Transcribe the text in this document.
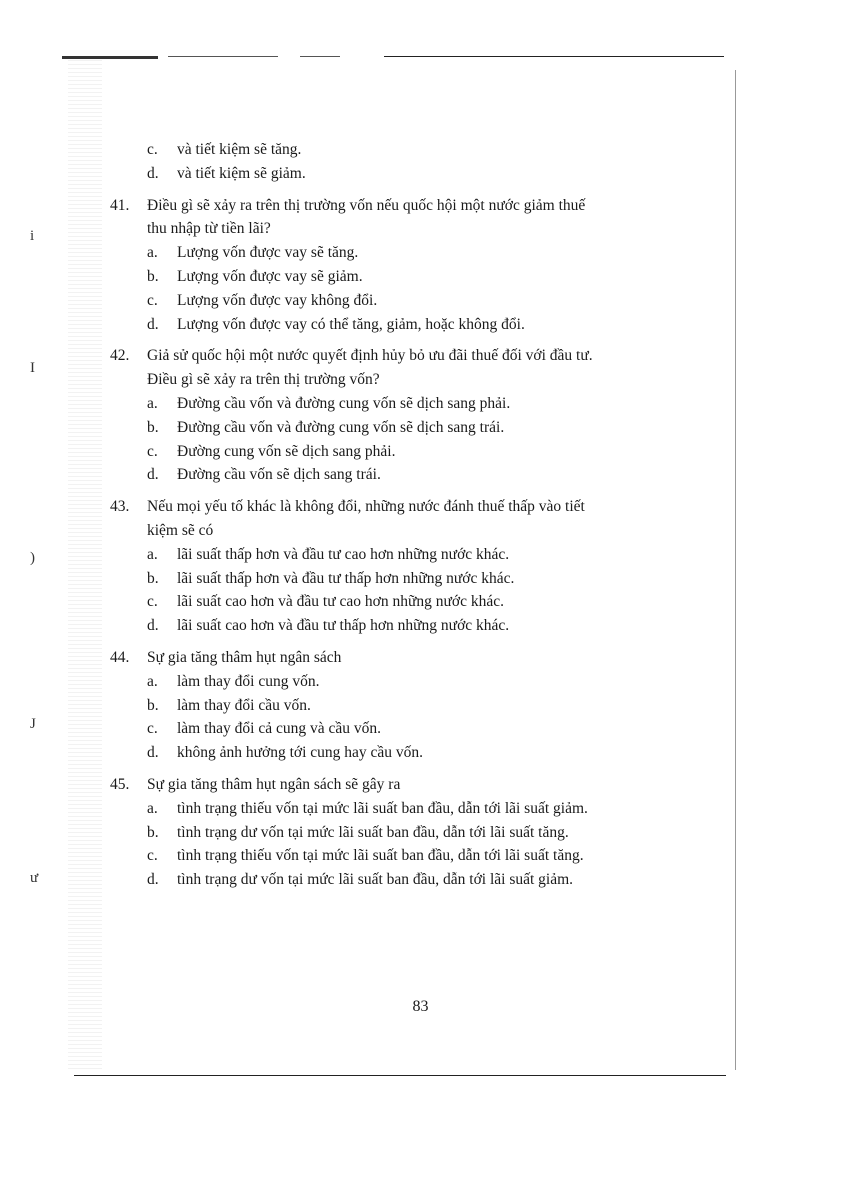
i
I
)
J
ư
c. và tiết kiệm sẽ tăng.
d. và tiết kiệm sẽ giảm.
41.	Điều gì sẽ xảy ra trên thị trường vốn nếu quốc hội một nước giảm thuế
thu nhập từ tiền lãi?
a. Lượng vốn được vay sẽ tăng.
b. Lượng vốn được vay sẽ giảm.
c. Lượng vốn được vay không đổi.
d. Lượng vốn được vay có thể tăng, giảm, hoặc không đổi.
42.	Giả sử quốc hội một nước quyết định hủy bỏ ưu đãi thuế đối với đầu tư.
Điều gì sẽ xảy ra trên thị trường vốn?
a. Đường cầu vốn và đường cung vốn sẽ dịch sang phải.
b. Đường cầu vốn và đường cung vốn sẽ dịch sang trái.
c. Đường cung vốn sẽ dịch sang phải.
d. Đường cầu vốn sẽ dịch sang trái.
43.	Nếu mọi yếu tố khác là không đổi, những nước đánh thuế thấp vào tiết
kiệm sẽ có
a. lãi suất thấp hơn và đầu tư cao hơn những nước khác.
b. lãi suất thấp hơn và đầu tư thấp hơn những nước khác.
c. lãi suất cao hơn và đầu tư cao hơn những nước khác.
d. lãi suất cao hơn và đầu tư thấp hơn những nước khác.
44.	Sự gia tăng thâm hụt ngân sách
a. làm thay đổi cung vốn.
b. làm thay đổi cầu vốn.
c. làm thay đổi cả cung và cầu vốn.
d. không ảnh hưởng tới cung hay cầu vốn.
45.	Sự gia tăng thâm hụt ngân sách sẽ gây ra
a. tình trạng thiếu vốn tại mức lãi suất ban đầu, dẫn tới lãi suất giảm.
b. tình trạng dư vốn tại mức lãi suất ban đầu, dẫn tới lãi suất tăng.
c. tình trạng thiếu vốn tại mức lãi suất ban đầu, dẫn tới lãi suất tăng.
d. tình trạng dư vốn tại mức lãi suất ban đầu, dẫn tới lãi suất giảm.
83
